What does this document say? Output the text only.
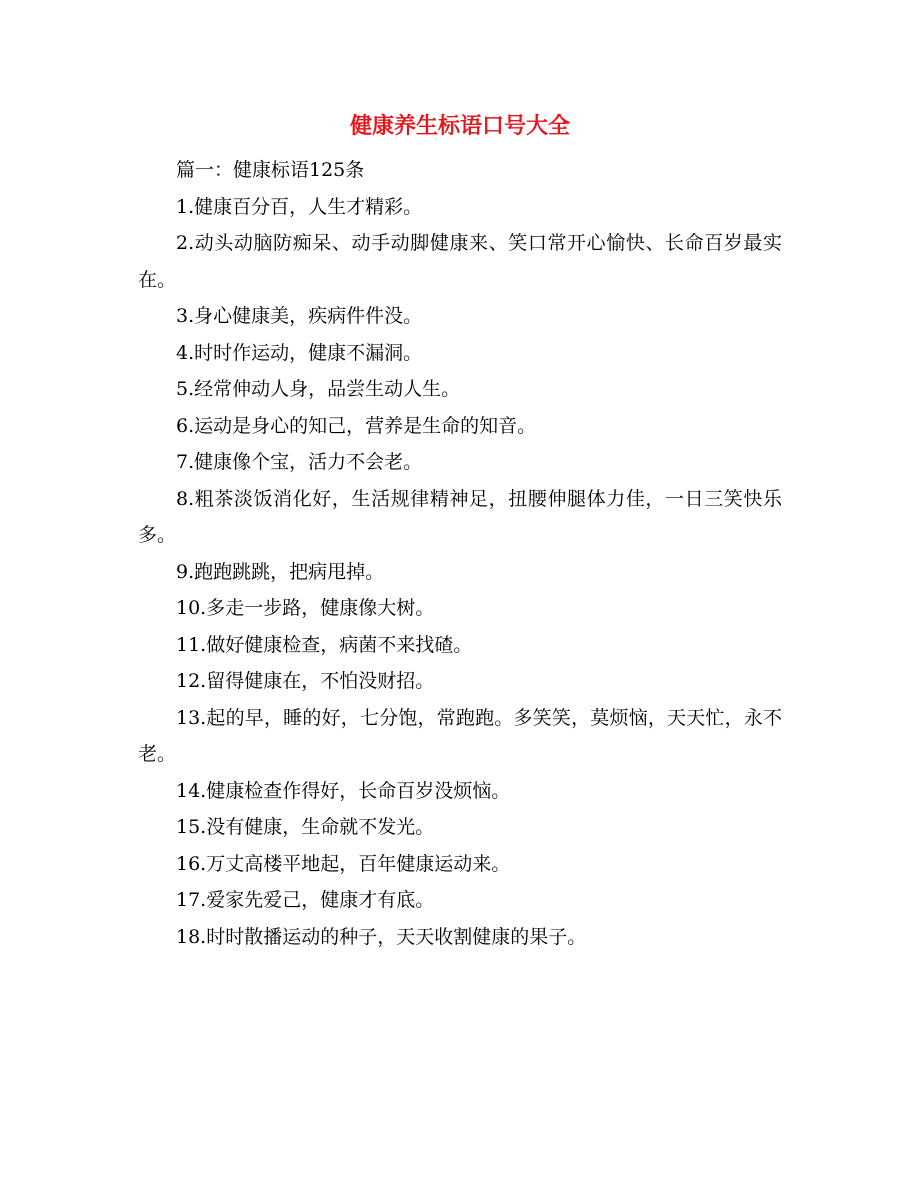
健康养生标语口号大全

篇一：健康标语125条

1.健康百分百，人生才精彩。

2.动头动脑防痴呆、动手动脚健康来、笑口常开心愉快、长命百岁最实在。

3.身心健康美，疾病件件没。

4.时时作运动，健康不漏洞。

5.经常伸动人身，品尝生动人生。

6.运动是身心的知己，营养是生命的知音。

7.健康像个宝，活力不会老。

8.粗茶淡饭消化好，生活规律精神足，扭腰伸腿体力佳，一日三笑快乐多。

9.跑跑跳跳，把病甩掉。

10.多走一步路，健康像大树。

11.做好健康检查，病菌不来找碴。

12.留得健康在，不怕没财招。

13.起的早，睡的好，七分饱，常跑跑。多笑笑，莫烦恼，天天忙，永不老。

14.健康检查作得好，长命百岁没烦恼。

15.没有健康，生命就不发光。

16.万丈高楼平地起，百年健康运动来。

17.爱家先爱己，健康才有底。

18.时时散播运动的种子，天天收割健康的果子。
